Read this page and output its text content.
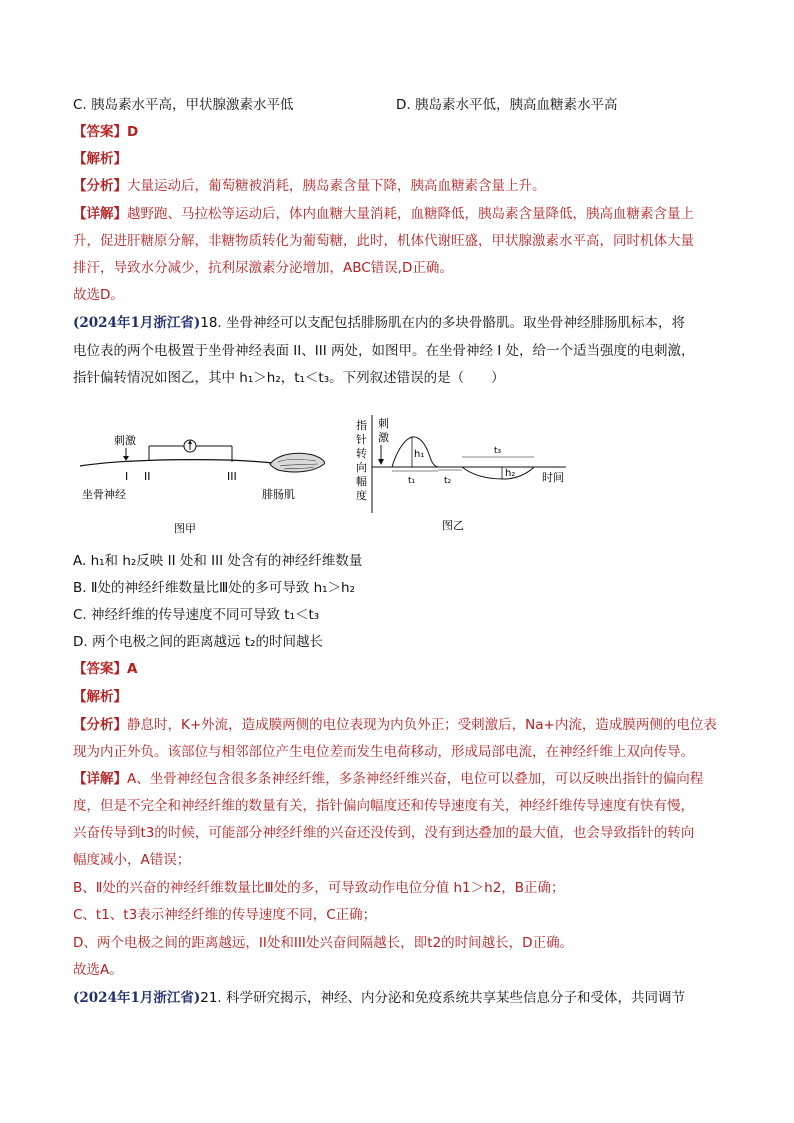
C. 胰岛素水平高，甲状腺激素水平低	D. 胰岛素水平低，胰高血糖素水平高
【答案】D
【解析】
【分析】大量运动后，葡萄糖被消耗，胰岛素含量下降，胰高血糖素含量上升。
【详解】越野跑、马拉松等运动后，体内血糖大量消耗，血糖降低，胰岛素含量降低，胰高血糖素含量上
升，促进肝糖原分解，非糖物质转化为葡萄糖，此时，机体代谢旺盛，甲状腺激素水平高，同时机体大量
排汗，导致水分减少，抗利尿激素分泌增加，ABC错误,D正确。
故选D。
(2024年1月浙江省)18. 坐骨神经可以支配包括腓肠肌在内的多块骨骼肌。取坐骨神经腓肠肌标本，将
电位表的两个电极置于坐骨神经表面 II、III 两处，如图甲。在坐骨神经 I 处，给一个适当强度的电刺激，
指针偏转情况如图乙，其中 h₁＞h₂，t₁＜t₃。下列叙述错误的是（　　）
刺激
I II	III
坐骨神经	腓肠肌
图甲
指
针
转
向
幅
度
刺
激
h₁
h₂
t₁	t₂
t₃
时间
图乙
A. h₁和 h₂反映 II 处和 III 处含有的神经纤维数量
B. Ⅱ处的神经纤维数量比Ⅲ处的多可导致 h₁＞h₂
C. 神经纤维的传导速度不同可导致 t₁＜t₃
D. 两个电极之间的距离越远 t₂的时间越长
【答案】A
【解析】
【分析】静息时，K+外流，造成膜两侧的电位表现为内负外正；受刺激后，Na+内流，造成膜两侧的电位表
现为内正外负。该部位与相邻部位产生电位差而发生电荷移动，形成局部电流，在神经纤维上双向传导。
【详解】A、坐骨神经包含很多条神经纤维，多条神经纤维兴奋，电位可以叠加，可以反映出指针的偏向程
度，但是不完全和神经纤维的数量有关，指针偏向幅度还和传导速度有关，神经纤维传导速度有快有慢，
兴奋传导到t3的时候，可能部分神经纤维的兴奋还没传到，没有到达叠加的最大值，也会导致指针的转向
幅度减小，A错误；
B、Ⅱ处的兴奋的神经纤维数量比Ⅲ处的多，可导致动作电位分值 h1＞h2，B正确；
C、t1、t3表示神经纤维的传导速度不同，C正确；
D、两个电极之间的距离越远，II处和III处兴奋间隔越长，即t2的时间越长，D正确。
故选A。
(2024年1月浙江省)21. 科学研究揭示，神经、内分泌和免疫系统共享某些信息分子和受体，共同调节
